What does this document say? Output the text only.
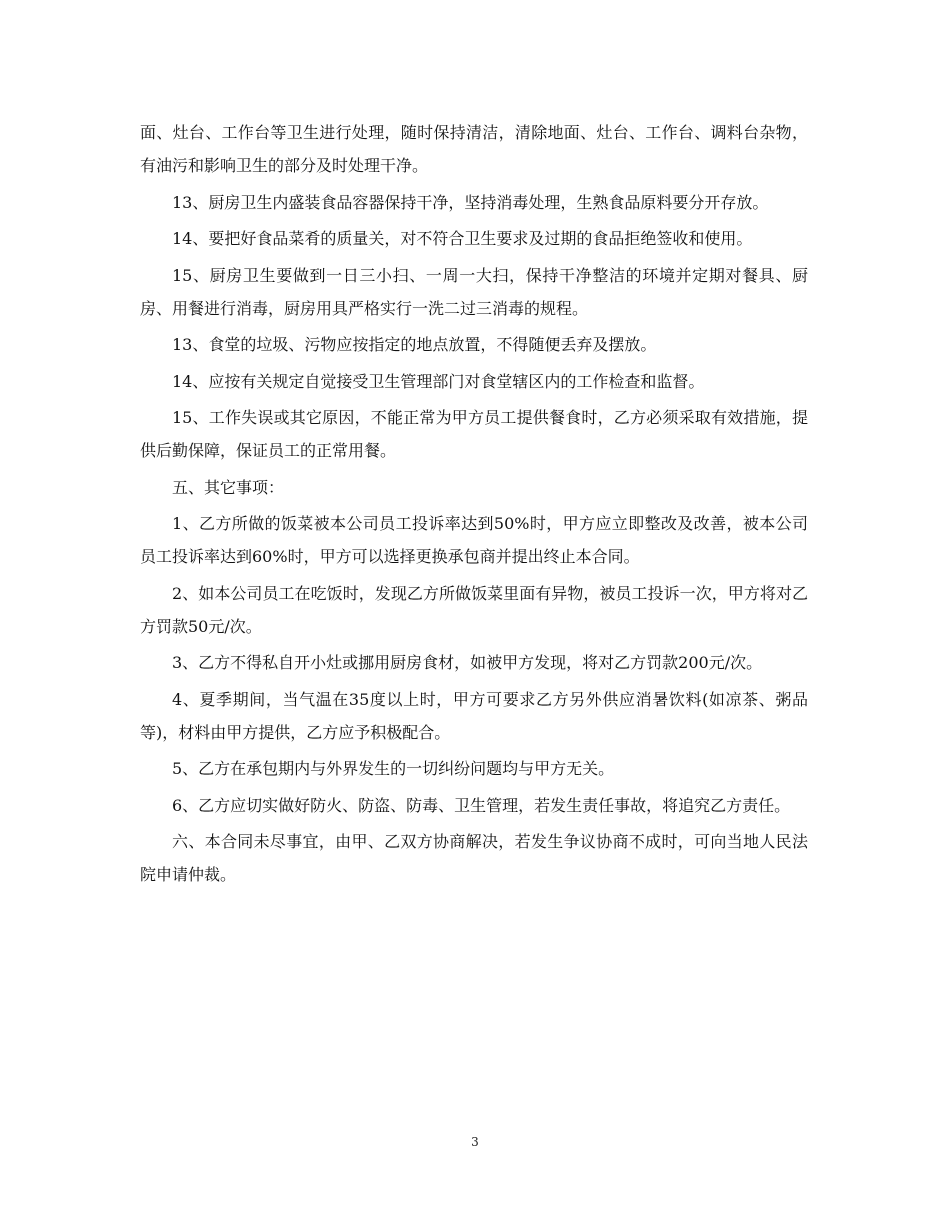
面、灶台、工作台等卫生进行处理，随时保持清洁，清除地面、灶台、工作台、调料台杂物，有油污和影响卫生的部分及时处理干净。

13、厨房卫生内盛装食品容器保持干净，坚持消毒处理，生熟食品原料要分开存放。

14、要把好食品菜肴的质量关，对不符合卫生要求及过期的食品拒绝签收和使用。

15、厨房卫生要做到一日三小扫、一周一大扫，保持干净整洁的环境并定期对餐具、厨房、用餐进行消毒，厨房用具严格实行一洗二过三消毒的规程。

13、食堂的垃圾、污物应按指定的地点放置，不得随便丢弃及摆放。

14、应按有关规定自觉接受卫生管理部门对食堂辖区内的工作检查和监督。

15、工作失误或其它原因，不能正常为甲方员工提供餐食时，乙方必须采取有效措施，提供后勤保障，保证员工的正常用餐。

五、其它事项：

1、乙方所做的饭菜被本公司员工投诉率达到50%时，甲方应立即整改及改善，被本公司员工投诉率达到60%时，甲方可以选择更换承包商并提出终止本合同。

2、如本公司员工在吃饭时，发现乙方所做饭菜里面有异物，被员工投诉一次，甲方将对乙方罚款50元/次。

3、乙方不得私自开小灶或挪用厨房食材，如被甲方发现，将对乙方罚款200元/次。

4、夏季期间，当气温在35度以上时，甲方可要求乙方另外供应消暑饮料(如凉茶、粥品等)，材料由甲方提供，乙方应予积极配合。

5、乙方在承包期内与外界发生的一切纠纷问题均与甲方无关。

6、乙方应切实做好防火、防盗、防毒、卫生管理，若发生责任事故，将追究乙方责任。

六、本合同未尽事宜，由甲、乙双方协商解决，若发生争议协商不成时，可向当地人民法院申请仲裁。

3
